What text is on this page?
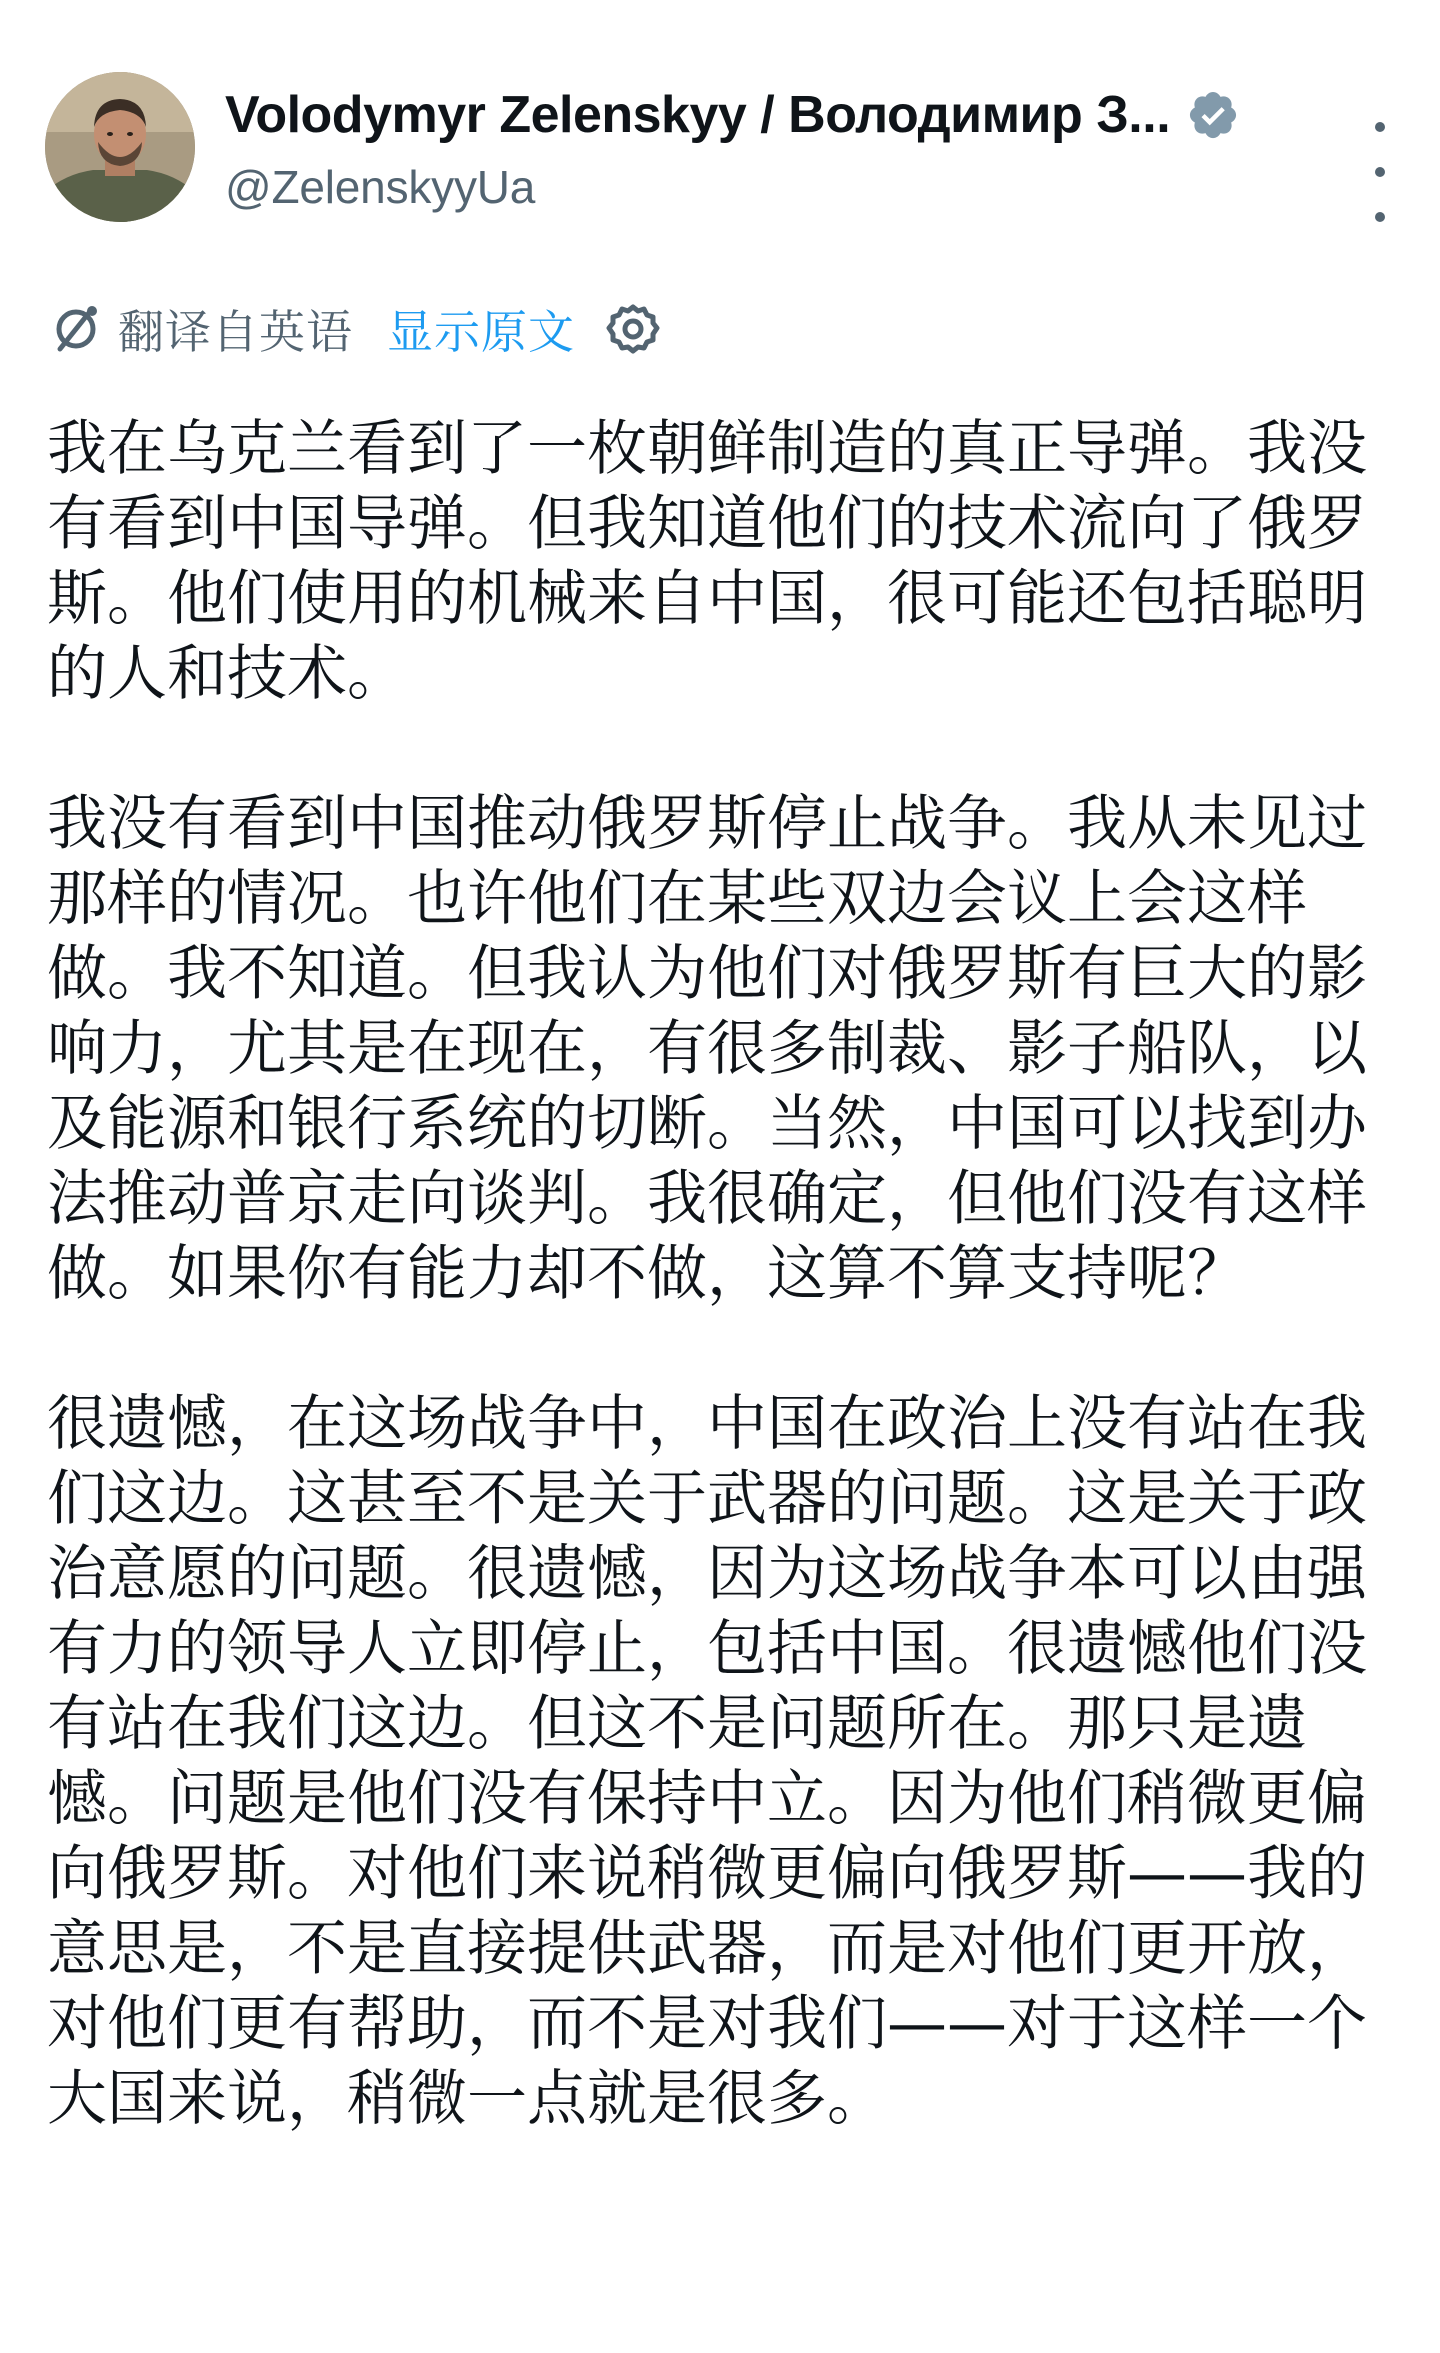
Volodymyr Zelenskyy / Володимир З...
@ZelenskyyUa
翻译自英语 显示原文

我在乌克兰看到了一枚朝鲜制造的真正导弹。我没有看到中国导弹。但我知道他们的技术流向了俄罗斯。他们使用的机械来自中国，很可能还包括聪明的人和技术。

我没有看到中国推动俄罗斯停止战争。我从未见过那样的情况。也许他们在某些双边会议上会这样做。我不知道。但我认为他们对俄罗斯有巨大的影响力，尤其是在现在，有很多制裁、影子船队，以及能源和银行系统的切断。当然，中国可以找到办法推动普京走向谈判。我很确定，但他们没有这样做。如果你有能力却不做，这算不算支持呢？

很遗憾，在这场战争中，中国在政治上没有站在我们这边。这甚至不是关于武器的问题。这是关于政治意愿的问题。很遗憾，因为这场战争本可以由强有力的领导人立即停止，包括中国。很遗憾他们没有站在我们这边。但这不是问题所在。那只是遗憾。问题是他们没有保持中立。因为他们稍微更偏向俄罗斯。对他们来说稍微更偏向俄罗斯——我的意思是，不是直接提供武器，而是对他们更开放，对他们更有帮助，而不是对我们——对于这样一个大国来说，稍微一点就是很多。
